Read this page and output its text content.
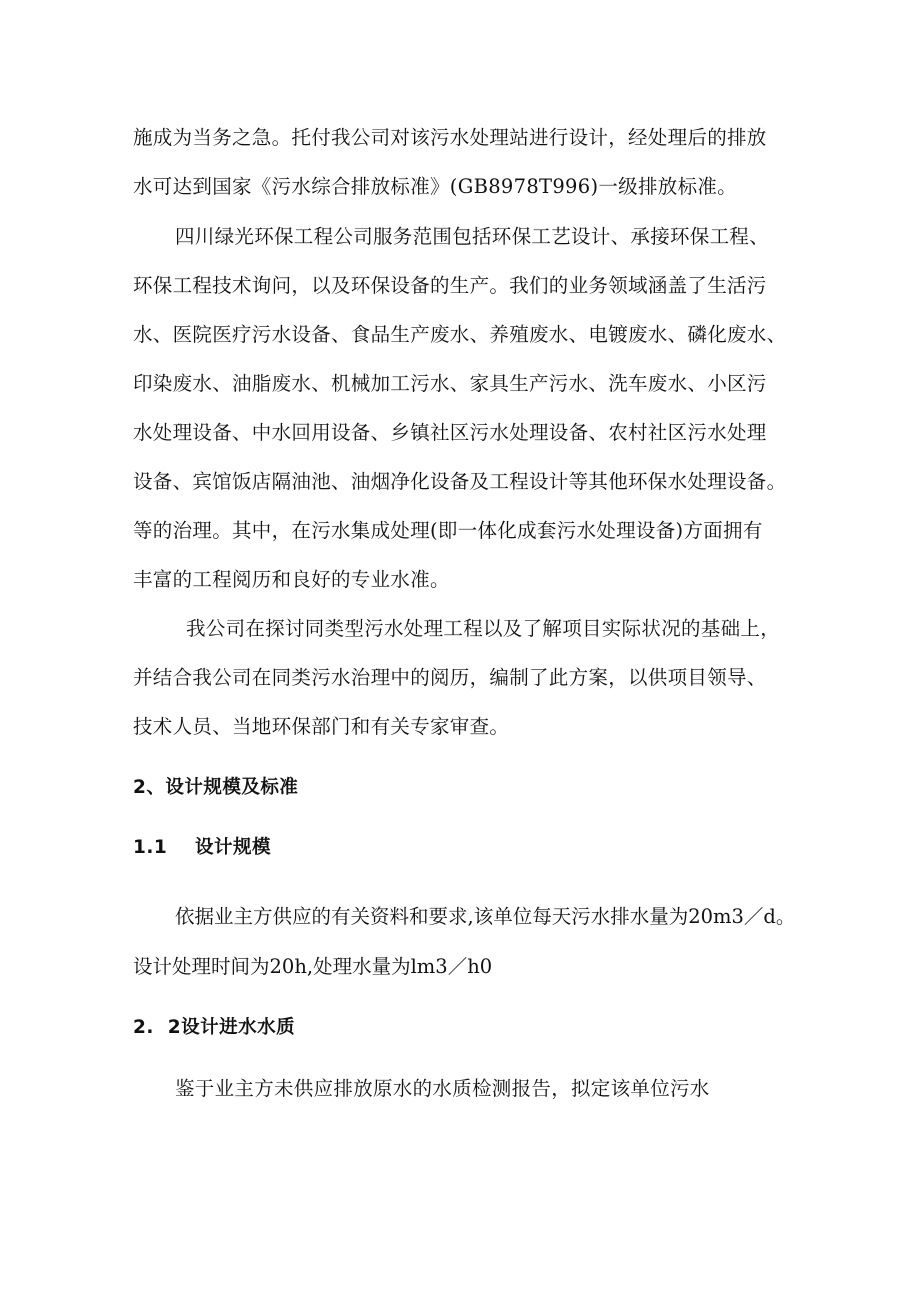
施成为当务之急。托付我公司对该污水处理站进行设计，经处理后的排放
水可达到国家《污水综合排放标准》(GB8978T996)一级排放标准。
四川绿光环保工程公司服务范围包括环保工艺设计、承接环保工程、
环保工程技术询问，以及环保设备的生产。我们的业务领域涵盖了生活污
水、医院医疗污水设备、食品生产废水、养殖废水、电镀废水、磷化废水、
印染废水、油脂废水、机械加工污水、家具生产污水、洗车废水、小区污
水处理设备、中水回用设备、乡镇社区污水处理设备、农村社区污水处理
设备、宾馆饭店隔油池、油烟净化设备及工程设计等其他环保水处理设备。
等的治理。其中，在污水集成处理(即一体化成套污水处理设备)方面拥有
丰富的工程阅历和良好的专业水准。
我公司在探讨同类型污水处理工程以及了解项目实际状况的基础上，
并结合我公司在同类污水治理中的阅历，编制了此方案，以供项目领导、
技术人员、当地环保部门和有关专家审查。
2、设计规模及标准
1.1    设计规模
依据业主方供应的有关资料和要求,该单位每天污水排水量为20m3／d。
设计处理时间为20h,处理水量为lm3／h0
2.  2设计进水水质
鉴于业主方未供应排放原水的水质检测报告，拟定该单位污水
